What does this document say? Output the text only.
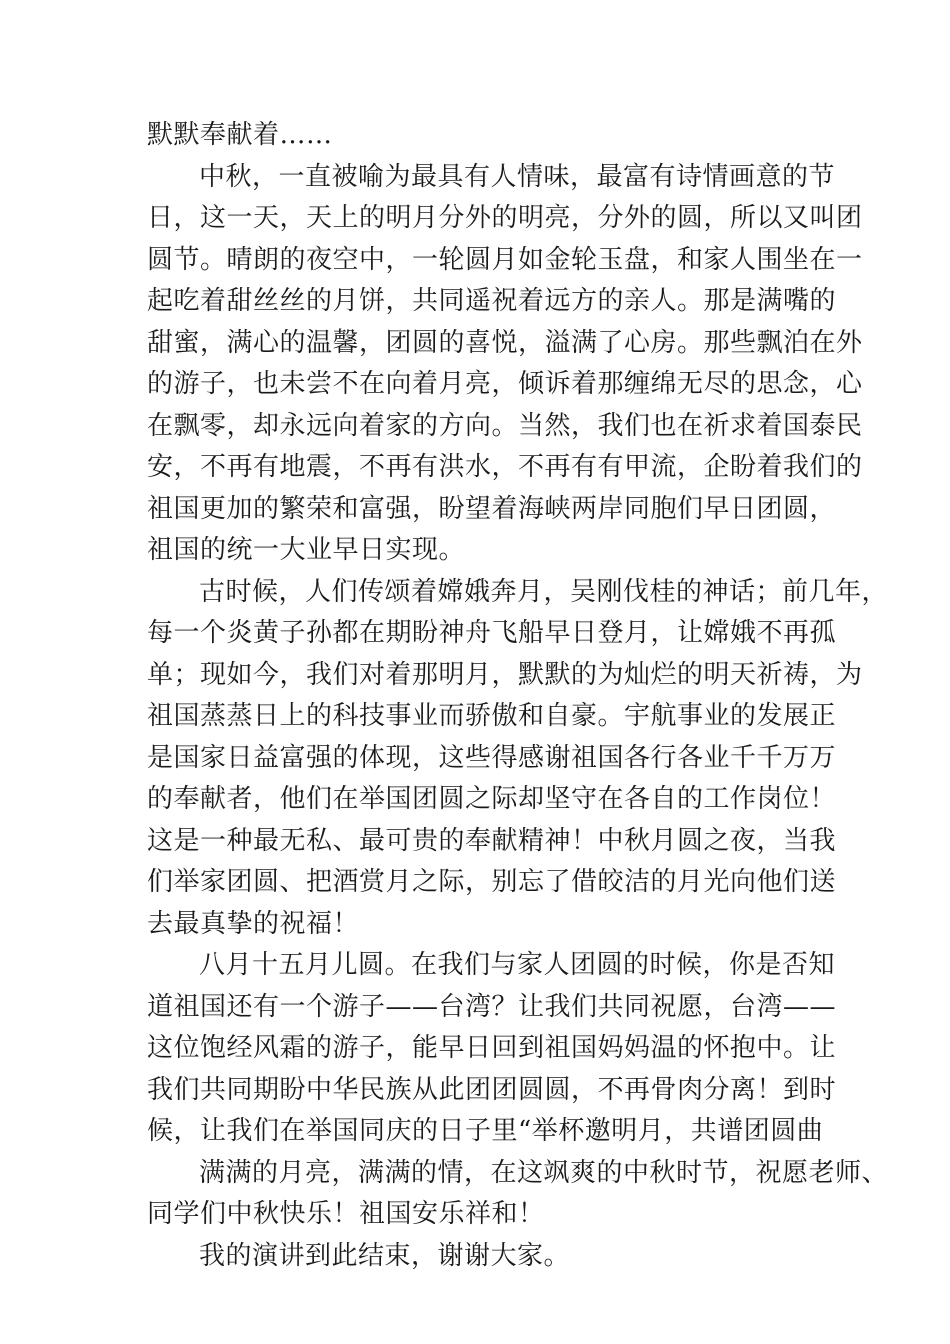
默默奉献着……
中秋，一直被喻为最具有人情味，最富有诗情画意的节
日，这一天，天上的明月分外的明亮，分外的圆，所以又叫团
圆节。晴朗的夜空中，一轮圆月如金轮玉盘，和家人围坐在一
起吃着甜丝丝的月饼，共同遥祝着远方的亲人。那是满嘴的
甜蜜，满心的温馨，团圆的喜悦，溢满了心房。那些飘泊在外
的游子，也未尝不在向着月亮，倾诉着那缠绵无尽的思念，心
在飘零，却永远向着家的方向。当然，我们也在祈求着国泰民
安，不再有地震，不再有洪水，不再有有甲流，企盼着我们的
祖国更加的繁荣和富强，盼望着海峡两岸同胞们早日团圆，
祖国的统一大业早日实现。
古时候，人们传颂着嫦娥奔月，吴刚伐桂的神话；前几年，
每一个炎黄子孙都在期盼神舟飞船早日登月，让嫦娥不再孤
单；现如今，我们对着那明月，默默的为灿烂的明天祈祷，为
祖国蒸蒸日上的科技事业而骄傲和自豪。宇航事业的发展正
是国家日益富强的体现，这些得感谢祖国各行各业千千万万
的奉献者，他们在举国团圆之际却坚守在各自的工作岗位！
这是一种最无私、最可贵的奉献精神！中秋月圆之夜，当我
们举家团圆、把酒赏月之际，别忘了借皎洁的月光向他们送
去最真挚的祝福！
八月十五月儿圆。在我们与家人团圆的时候，你是否知
道祖国还有一个游子——台湾？让我们共同祝愿，台湾——
这位饱经风霜的游子，能早日回到祖国妈妈温的怀抱中。让
我们共同期盼中华民族从此团团圆圆，不再骨肉分离！到时
候，让我们在举国同庆的日子里“举杯邀明月，共谱团圆曲
满满的月亮，满满的情，在这飒爽的中秋时节，祝愿老师、
同学们中秋快乐！祖国安乐祥和！
我的演讲到此结束，谢谢大家。
